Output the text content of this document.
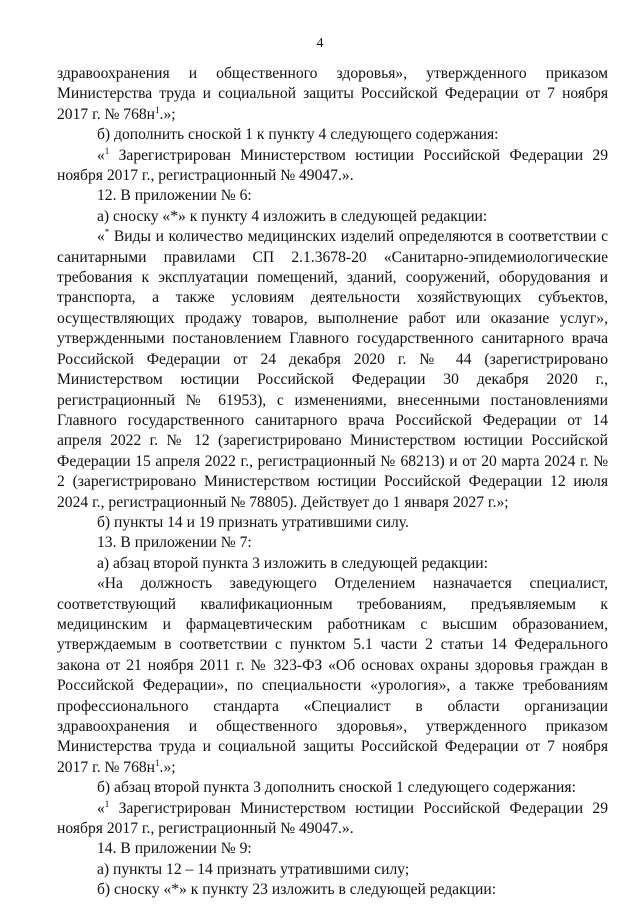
4

здравоохранения и общественного здоровья», утвержденного приказом Министерства труда и социальной защиты Российской Федерации от 7 ноября 2017 г. № $768н^1$.»;

б) дополнить сноской 1 к пункту 4 следующего содержания:

«$^1$ Зарегистрирован Министерством юстиции Российской Федерации 29 ноября 2017 г., регистрационный № 49047.».

12. В приложении № 6:

а) сноску «*» к пункту 4 изложить в следующей редакции:

«* Виды и количество медицинских изделий определяются в соответствии с санитарными правилами СП 2.1.3678-20 «Санитарно-эпидемиологические требования к эксплуатации помещений, зданий, сооружений, оборудования и транспорта, а также условиям деятельности хозяйствующих субъектов, осуществляющих продажу товаров, выполнение работ или оказание услуг», утвержденными постановлением Главного государственного санитарного врача Российской Федерации от 24 декабря 2020 г. № 44 (зарегистрировано Министерством юстиции Российской Федерации 30 декабря 2020 г., регистрационный № 61953), с изменениями, внесенными постановлениями Главного государственного санитарного врача Российской Федерации от 14 апреля 2022 г. № 12 (зарегистрировано Министерством юстиции Российской Федерации 15 апреля 2022 г., регистрационный № 68213) и от 20 марта 2024 г. № 2 (зарегистрировано Министерством юстиции Российской Федерации 12 июля 2024 г., регистрационный № 78805). Действует до 1 января 2027 г.»;

б) пункты 14 и 19 признать утратившими силу.

13. В приложении № 7:

а) абзац второй пункта 3 изложить в следующей редакции:

«На должность заведующего Отделением назначается специалист, соответствующий квалификационным требованиям, предъявляемым к медицинским и фармацевтическим работникам с высшим образованием, утверждаемым в соответствии с пунктом 5.1 части 2 статьи 14 Федерального закона от 21 ноября 2011 г. № 323-ФЗ «Об основах охраны здоровья граждан в Российской Федерации», по специальности «урология», а также требованиям профессионального стандарта «Специалист в области организации здравоохранения и общественного здоровья», утвержденного приказом Министерства труда и социальной защиты Российской Федерации от 7 ноября 2017 г. № $768н^1$.»;

б) абзац второй пункта 3 дополнить сноской 1 следующего содержания:

«$^1$ Зарегистрирован Министерством юстиции Российской Федерации 29 ноября 2017 г., регистрационный № 49047.».

14. В приложении № 9:

а) пункты 12 – 14 признать утратившими силу;

б) сноску «*» к пункту 23 изложить в следующей редакции:
